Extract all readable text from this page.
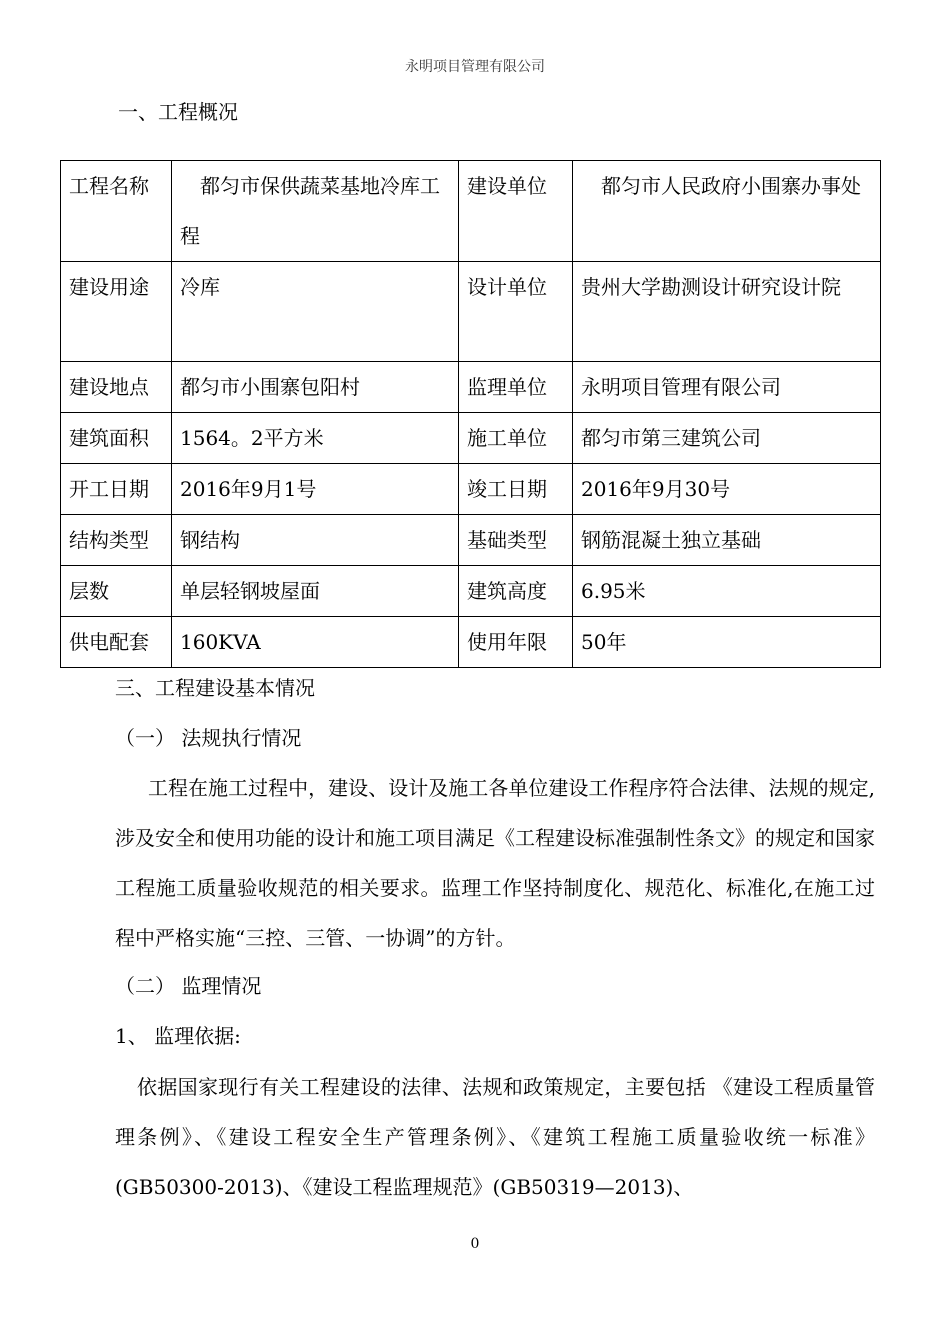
永明项目管理有限公司
一、工程概况
工程名称	都匀市保供蔬菜基地冷库工程	建设单位	都匀市人民政府小围寨办事处
建设用途	冷库	设计单位	贵州大学勘测设计研究设计院
建设地点	都匀市小围寨包阳村	监理单位	永明项目管理有限公司
建筑面积	1564。2平方米	施工单位	都匀市第三建筑公司
开工日期	2016年9月1号	竣工日期	2016年9月30号
结构类型	钢结构	基础类型	钢筋混凝土独立基础
层数	单层轻钢坡屋面	建筑高度	6.95米
供电配套	160KVA	使用年限	50年
三、工程建设基本情况
（一） 法规执行情况
工程在施工过程中，建设、设计及施工各单位建设工作程序符合法律、法规的规定,涉及安全和使用功能的设计和施工项目满足《工程建设标准强制性条文》的规定和国家工程施工质量验收规范的相关要求。监理工作坚持制度化、规范化、标准化,在施工过程中严格实施“三控、三管、一协调”的方针。
（二） 监理情况
1、 监理依据:
依据国家现行有关工程建设的法律、法规和政策规定，主要包括 《建设工程质量管理条例》、《建设工程安全生产管理条例》、《建筑工程施工质量验收统一标准》(GB50300-2013)、《建设工程监理规范》(GB50319—2013)、
0
